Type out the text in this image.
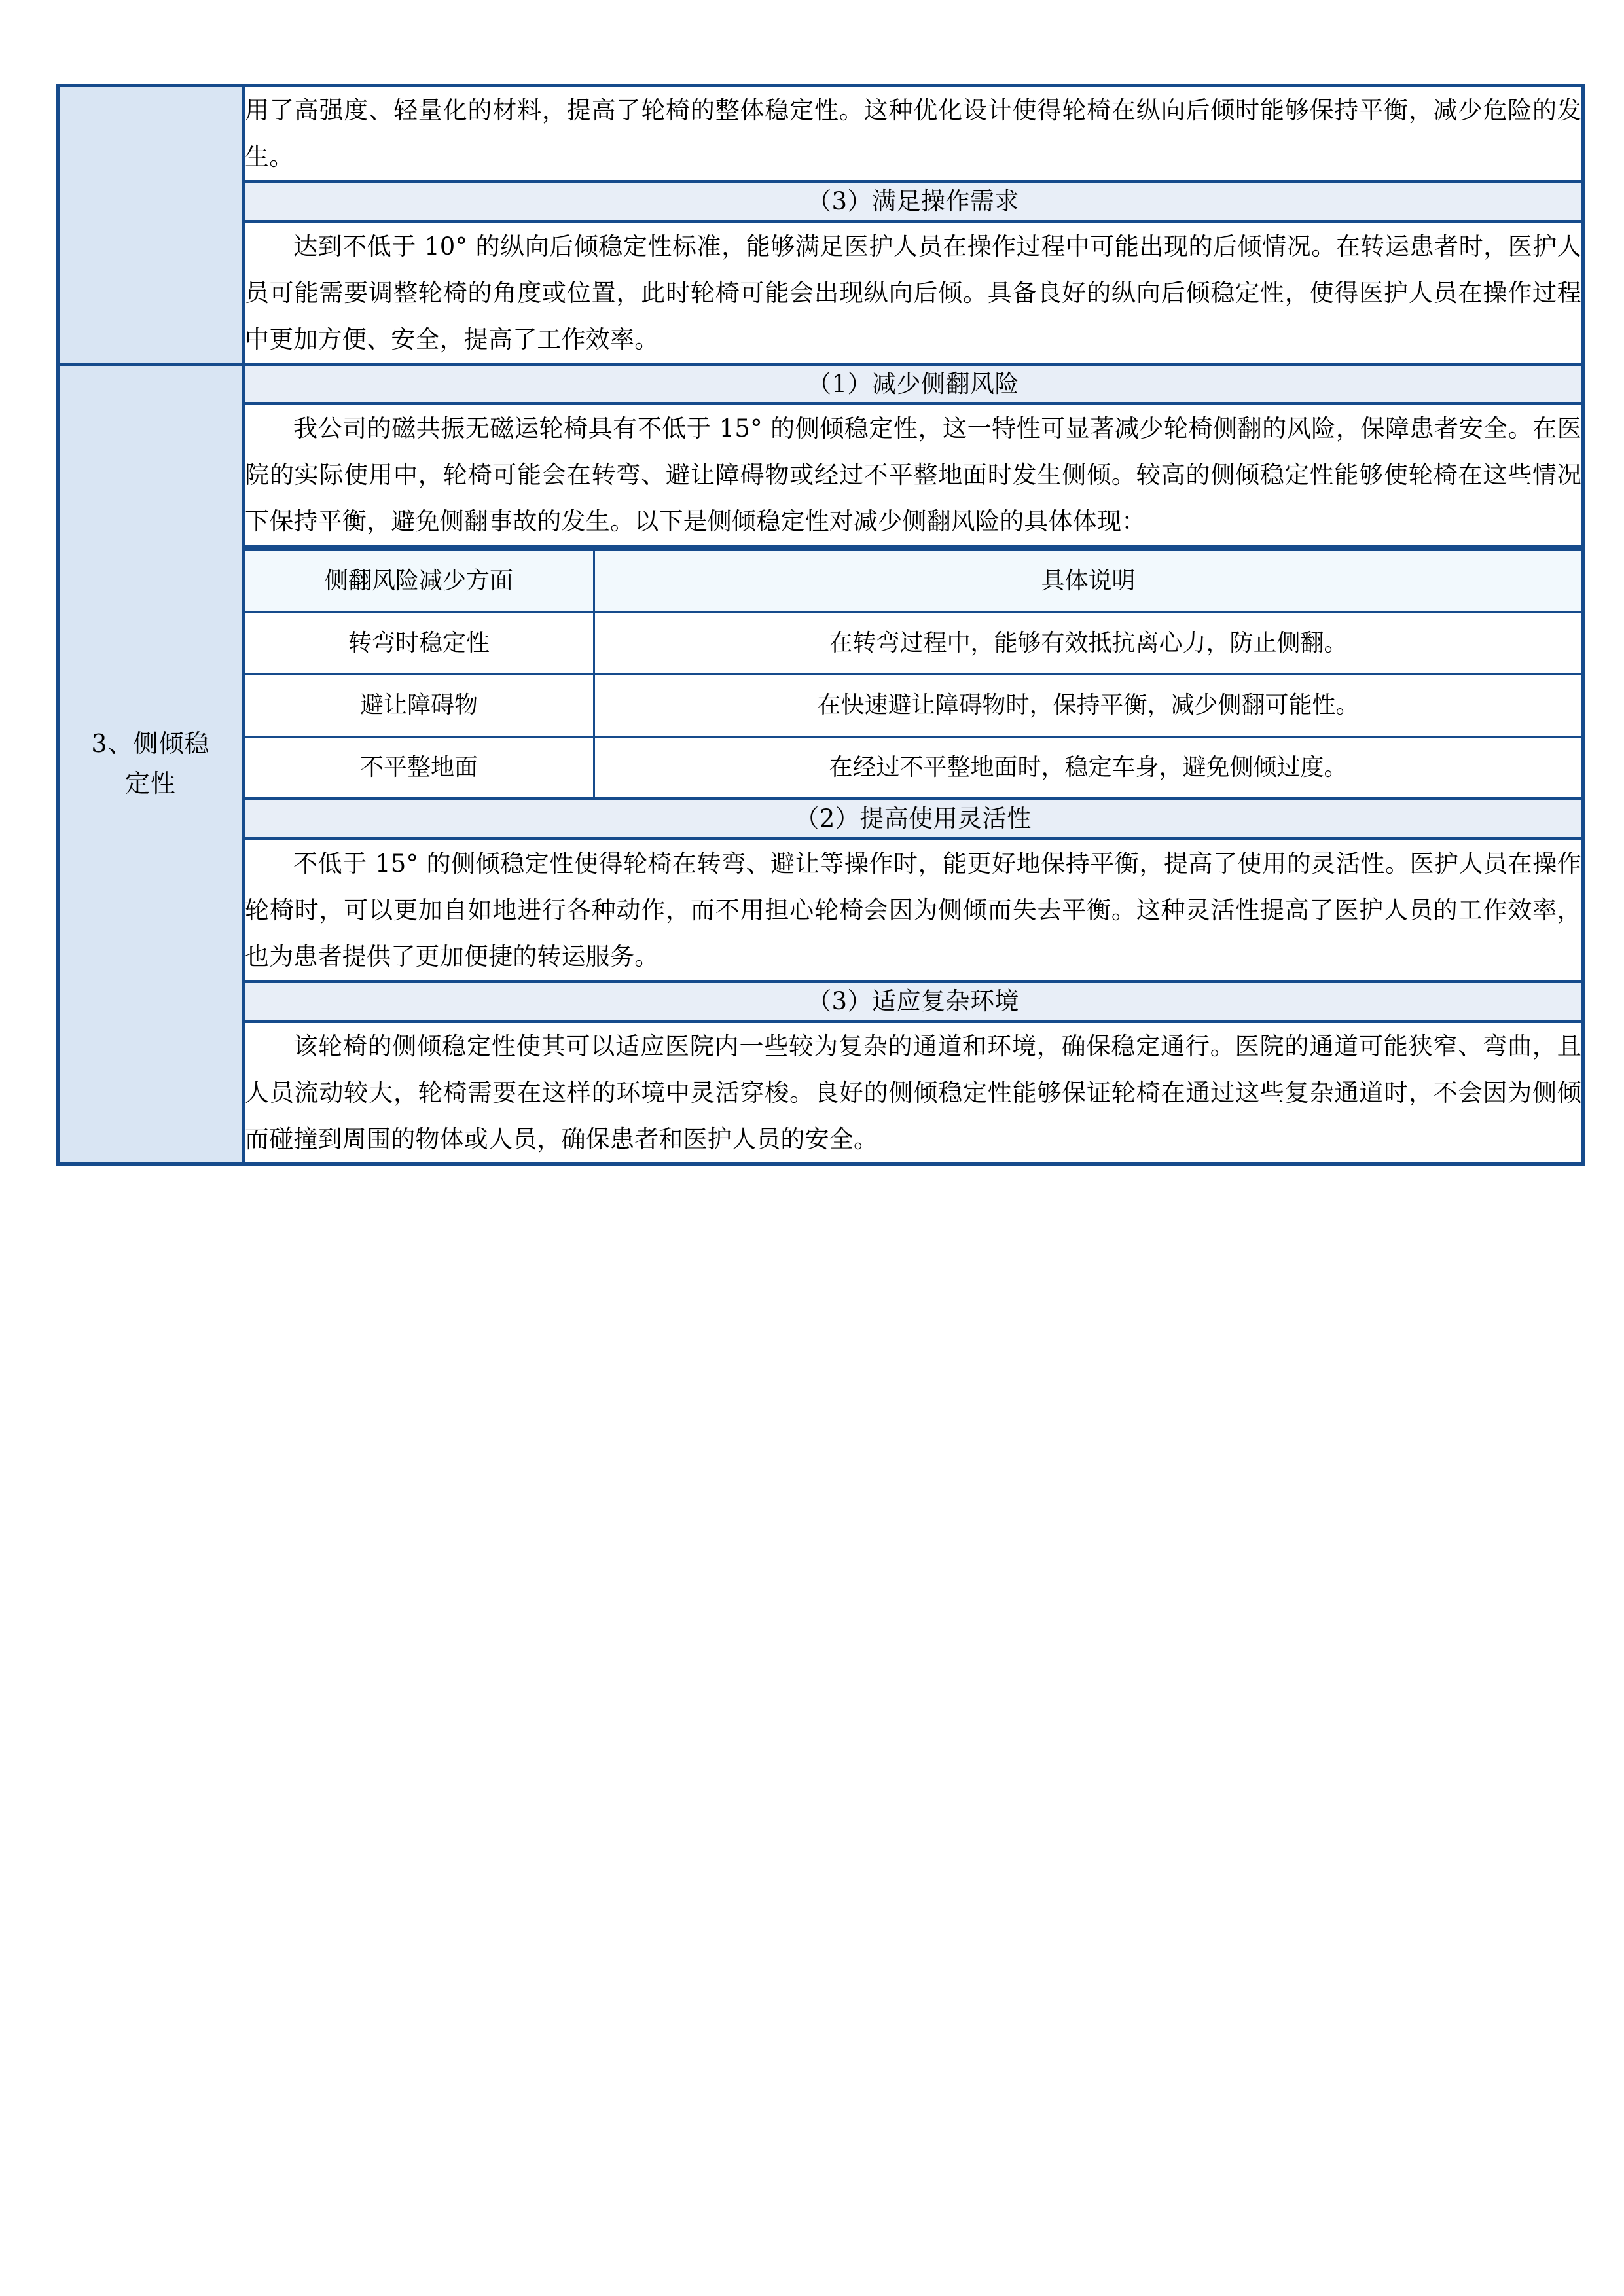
用了高强度、轻量化的材料，提高了轮椅的整体稳定性。这种优化设计使得轮椅在纵向后倾时能够保持平衡，减少危险的发生。

（3）满足操作需求

达到不低于 10° 的纵向后倾稳定性标准，能够满足医护人员在操作过程中可能出现的后倾情况。在转运患者时，医护人员可能需要调整轮椅的角度或位置，此时轮椅可能会出现纵向后倾。具备良好的纵向后倾稳定性，使得医护人员在操作过程中更加方便、安全，提高了工作效率。

3、侧倾稳
定性

（1）减少侧翻风险

我公司的磁共振无磁运轮椅具有不低于 15° 的侧倾稳定性，这一特性可显著减少轮椅侧翻的风险，保障患者安全。在医院的实际使用中，轮椅可能会在转弯、避让障碍物或经过不平整地面时发生侧倾。较高的侧倾稳定性能够使轮椅在这些情况下保持平衡，避免侧翻事故的发生。以下是侧倾稳定性对减少侧翻风险的具体体现：

侧翻风险减少方面	具体说明
转弯时稳定性	在转弯过程中，能够有效抵抗离心力，防止侧翻。
避让障碍物	在快速避让障碍物时，保持平衡，减少侧翻可能性。
不平整地面	在经过不平整地面时，稳定车身，避免侧倾过度。

（2）提高使用灵活性

不低于 15° 的侧倾稳定性使得轮椅在转弯、避让等操作时，能更好地保持平衡，提高了使用的灵活性。医护人员在操作轮椅时，可以更加自如地进行各种动作，而不用担心轮椅会因为侧倾而失去平衡。这种灵活性提高了医护人员的工作效率，也为患者提供了更加便捷的转运服务。

（3）适应复杂环境

该轮椅的侧倾稳定性使其可以适应医院内一些较为复杂的通道和环境，确保稳定通行。医院的通道可能狭窄、弯曲，且人员流动较大，轮椅需要在这样的环境中灵活穿梭。良好的侧倾稳定性能够保证轮椅在通过这些复杂通道时，不会因为侧倾而碰撞到周围的物体或人员，确保患者和医护人员的安全。
